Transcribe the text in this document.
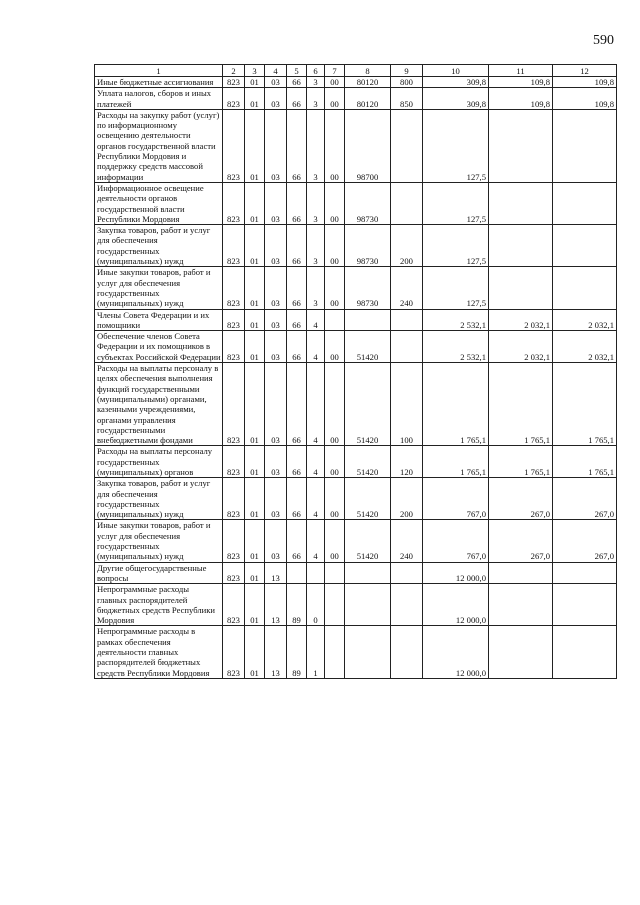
590
1	2	3	4	5	6	7	8	9	10	11	12
Иные бюджетные ассигнования	823	01	03	66	3	00	80120	800	309,8	109,8	109,8
Уплата налогов, сборов и иных платежей	823	01	03	66	3	00	80120	850	309,8	109,8	109,8
Расходы на закупку работ (услуг) по информационному освещению деятельности органов государственной власти Республики Мордовия и поддержку средств массовой информации	823	01	03	66	3	00	98700		127,5		
Информационное освещение деятельности органов государственной власти Республики Мордовия	823	01	03	66	3	00	98730		127,5		
Закупка товаров, работ и услуг для обеспечения государственных (муниципальных) нужд	823	01	03	66	3	00	98730	200	127,5		
Иные закупки товаров, работ и услуг для обеспечения государственных (муниципальных) нужд	823	01	03	66	3	00	98730	240	127,5		
Члены Совета Федерации и их помощники	823	01	03	66	4				2 532,1	2 032,1	2 032,1
Обеспечение членов Совета Федерации и их помощников в субъектах Российской Федерации	823	01	03	66	4	00	51420		2 532,1	2 032,1	2 032,1
Расходы на выплаты персоналу в целях обеспечения выполнения функций государственными (муниципальными) органами, казенными учреждениями, органами управления государственными внебюджетными фондами	823	01	03	66	4	00	51420	100	1 765,1	1 765,1	1 765,1
Расходы на выплаты персоналу государственных (муниципальных) органов	823	01	03	66	4	00	51420	120	1 765,1	1 765,1	1 765,1
Закупка товаров, работ и услуг для обеспечения государственных (муниципальных) нужд	823	01	03	66	4	00	51420	200	767,0	267,0	267,0
Иные закупки товаров, работ и услуг для обеспечения государственных (муниципальных) нужд	823	01	03	66	4	00	51420	240	767,0	267,0	267,0
Другие общегосударственные вопросы	823	01	13						12 000,0		
Непрограммные расходы главных распорядителей бюджетных средств Республики Мордовия	823	01	13	89	0				12 000,0		
Непрограммные расходы в рамках обеспечения деятельности главных распорядителей бюджетных средств Республики Мордовия	823	01	13	89	1				12 000,0		
